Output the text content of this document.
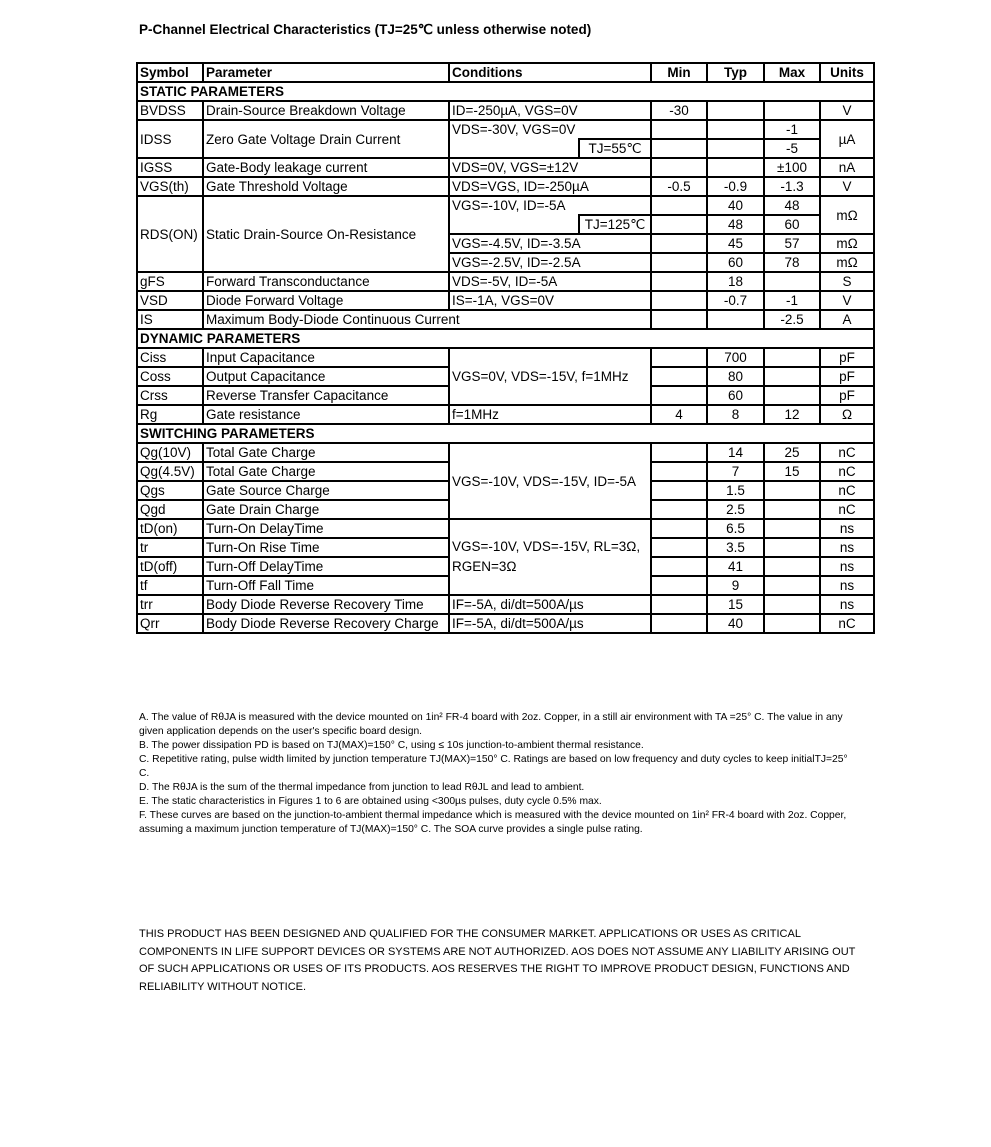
P-Channel Electrical Characteristics (TJ=25℃ unless otherwise noted)
Symbol	Parameter	Conditions		Min	Typ	Max	Units
STATIC PARAMETERS							
BVDSS	Drain-Source Breakdown Voltage	ID=-250µA, VGS=0V		-30			V
IDSS	Zero Gate Voltage Drain Current	VDS=-30V, VGS=0V				-1	µA
			TJ=55℃			-5	
IGSS	Gate-Body leakage current	VDS=0V, VGS=±12V				±100	nA
VGS(th)	Gate Threshold Voltage	VDS=VGS, ID=-250µA		-0.5	-0.9	-1.3	V
RDS(ON)	Static Drain-Source On-Resistance	VGS=-10V, ID=-5A			40	48	mΩ
			TJ=125℃		48	60	
		VGS=-4.5V, ID=-3.5A			45	57	mΩ
		VGS=-2.5V, ID=-2.5A			60	78	mΩ
gFS	Forward Transconductance	VDS=-5V, ID=-5A			18		S
VSD	Diode Forward Voltage	IS=-1A, VGS=0V			-0.7	-1	V
IS	Maximum Body-Diode Continuous Current					-2.5	A
DYNAMIC PARAMETERS							
Ciss	Input Capacitance	VGS=0V, VDS=-15V, f=1MHz			700		pF
Coss	Output Capacitance				80		pF
Crss	Reverse Transfer Capacitance				60		pF
Rg	Gate resistance	f=1MHz		4	8	12	Ω
SWITCHING PARAMETERS							
Qg(10V)	Total Gate Charge	VGS=-10V, VDS=-15V, ID=-5A			14	25	nC
Qg(4.5V)	Total Gate Charge				7	15	nC
Qgs	Gate Source Charge				1.5		nC
Qgd	Gate Drain Charge				2.5		nC
tD(on)	Turn-On DelayTime	VGS=-10V, VDS=-15V, RL=3Ω, RGEN=3Ω			6.5		ns
tr	Turn-On Rise Time				3.5		ns
tD(off)	Turn-Off DelayTime				41		ns
tf	Turn-Off Fall Time				9		ns
trr	Body Diode Reverse Recovery Time	IF=-5A, di/dt=500A/µs			15		ns
Qrr	Body Diode Reverse Recovery Charge	IF=-5A, di/dt=500A/µs			40		nC

A. The value of RθJA is measured with the device mounted on 1in² FR-4 board with 2oz. Copper, in a still air environment with TA =25° C. The value in any given application depends on the user's specific board design.

B. The power dissipation PD is based on TJ(MAX)=150° C, using ≤ 10s junction-to-ambient thermal resistance.

C. Repetitive rating, pulse width limited by junction temperature TJ(MAX)=150° C. Ratings are based on low frequency and duty cycles to keep initialTJ=25° C.

D. The RθJA is the sum of the thermal impedance from junction to lead RθJL and lead to ambient.

E. The static characteristics in Figures 1 to 6 are obtained using <300µs pulses, duty cycle 0.5% max.

F. These curves are based on the junction-to-ambient thermal impedance which is measured with the device mounted on 1in² FR-4 board with 2oz. Copper, assuming a maximum junction temperature of TJ(MAX)=150° C. The SOA curve provides a single pulse rating.

THIS PRODUCT HAS BEEN DESIGNED AND QUALIFIED FOR THE CONSUMER MARKET. APPLICATIONS OR USES AS CRITICAL COMPONENTS IN LIFE SUPPORT DEVICES OR SYSTEMS ARE NOT AUTHORIZED. AOS DOES NOT ASSUME ANY LIABILITY ARISING OUT OF SUCH APPLICATIONS OR USES OF ITS PRODUCTS. AOS RESERVES THE RIGHT TO IMPROVE PRODUCT DESIGN, FUNCTIONS AND RELIABILITY WITHOUT NOTICE.
